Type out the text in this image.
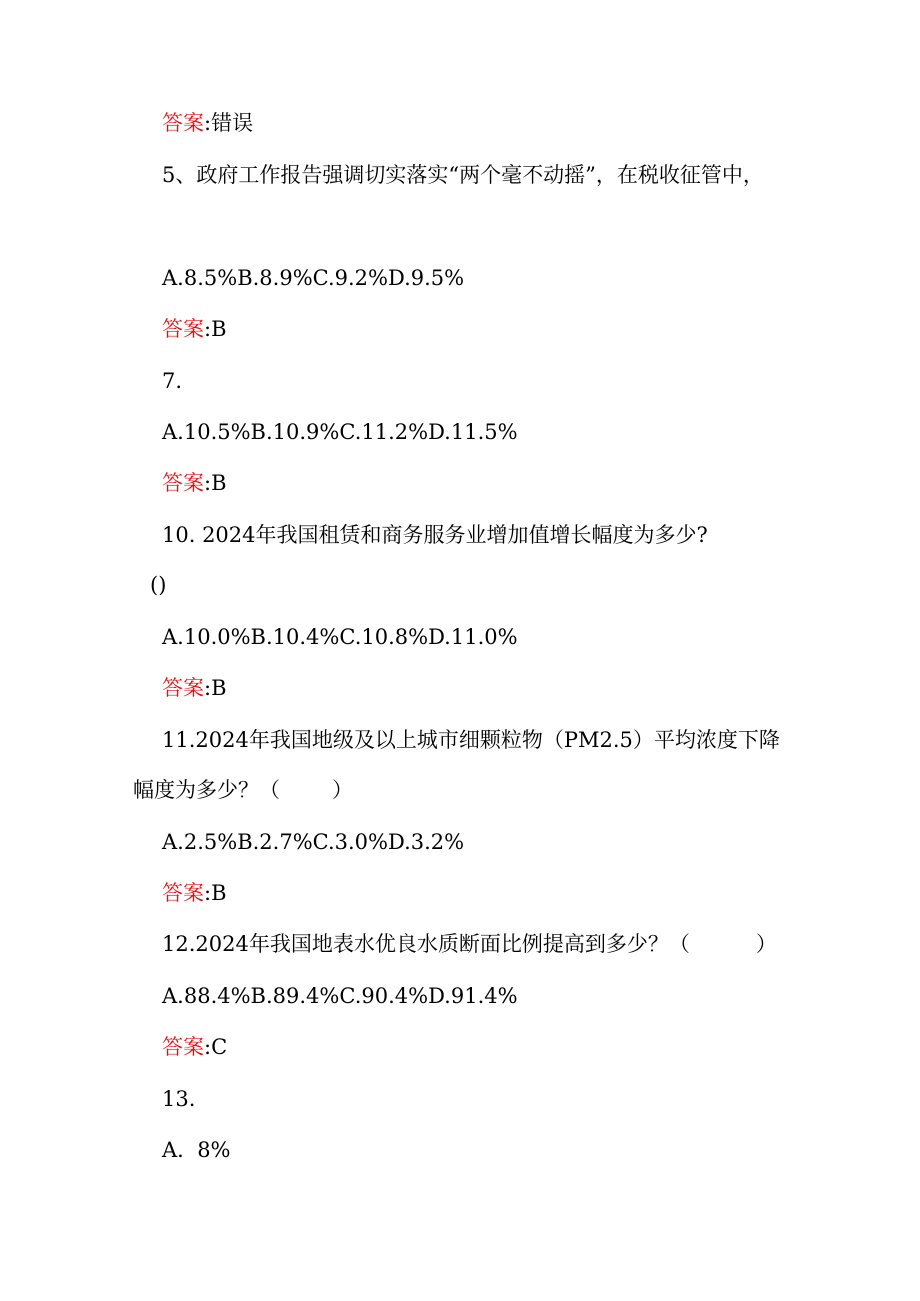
答案:错误
5、政府工作报告强调切实落实“两个毫不动摇”，在税收征管中，
A.8.5%B.8.9%C.9.2%D.9.5%
答案:B
7.
A.10.5%B.10.9%C.11.2%D.11.5%
答案:B
10. 2024年我国租赁和商务服务业增加值增长幅度为多少?
()
A.10.0%B.10.4%C.10.8%D.11.0%
答案:B
11.2024年我国地级及以上城市细颗粒物（PM2.5）平均浓度下降
幅度为多少？（ ）
A.2.5%B.2.7%C.3.0%D.3.2%
答案:B
12.2024年我国地表水优良水质断面比例提高到多少？（	）
A.88.4%B.89.4%C.90.4%D.91.4%
答案:C
13.
A.  8%
